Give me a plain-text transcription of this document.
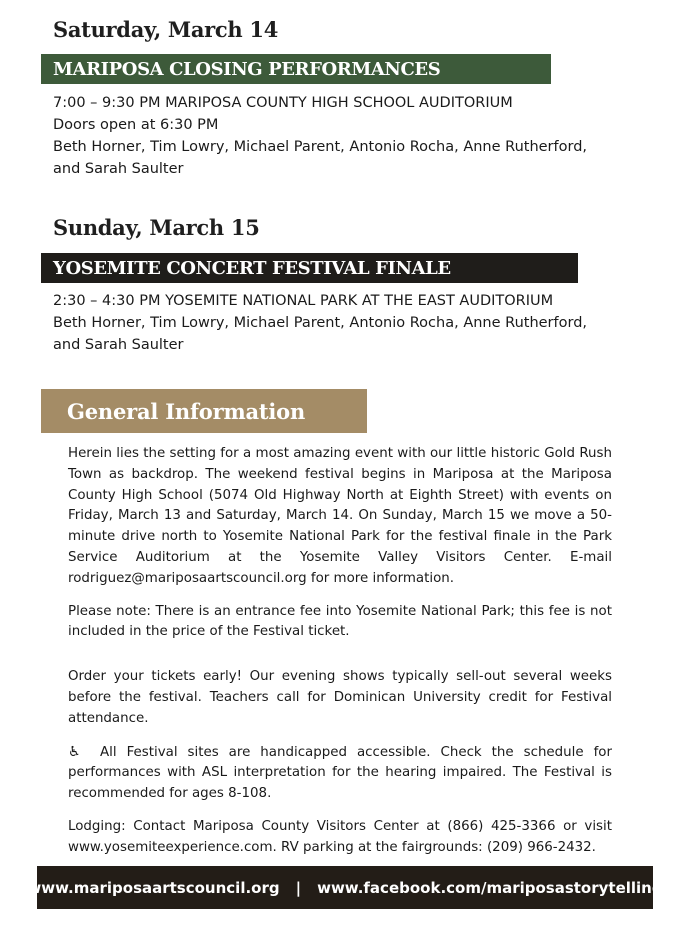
Saturday, March 14
MARIPOSA CLOSING PERFORMANCES

7:00 – 9:30 PM MARIPOSA COUNTY HIGH SCHOOL AUDITORIUM

Doors open at 6:30 PM

Beth Horner, Tim Lowry, Michael Parent, Antonio Rocha, Anne Rutherford,

and Sarah Saulter

Sunday, March 15
YOSEMITE CONCERT FESTIVAL FINALE

2:30 – 4:30 PM YOSEMITE NATIONAL PARK AT THE EAST AUDITORIUM

Beth Horner, Tim Lowry, Michael Parent, Antonio Rocha, Anne Rutherford,

and Sarah Saulter

General Information

Herein lies the setting for a most amazing event with our little historic Gold Rush Town as backdrop. The weekend festival begins in Mariposa at the Mariposa County High School (5074 Old Highway North at Eighth Street) with events on Friday, March 13 and Saturday, March 14. On Sunday, March 15 we move a 50-minute drive north to Yosemite National Park for the festival finale in the Park Service Auditorium at the Yosemite Valley Visitors Center. E-mail rodriguez@mariposaartscouncil.org for more information.

Please note: There is an entrance fee into Yosemite National Park; this fee is not included in the price of the Festival ticket.

Order your tickets early! Our evening shows typically sell-out several weeks before the festival. Teachers call for Dominican University credit for Festival attendance.

♿ All Festival sites are handicapped accessible. Check the schedule for performances with ASL interpretation for the hearing impaired. The Festival is recommended for ages 8-108.

Lodging: Contact Mariposa County Visitors Center at (866) 425-3366 or visit www.yosemiteexperience.com. RV parking at the fairgrounds: (209) 966-2432.

www.mariposaartscouncil.org | www.facebook.com/mariposastorytelling
